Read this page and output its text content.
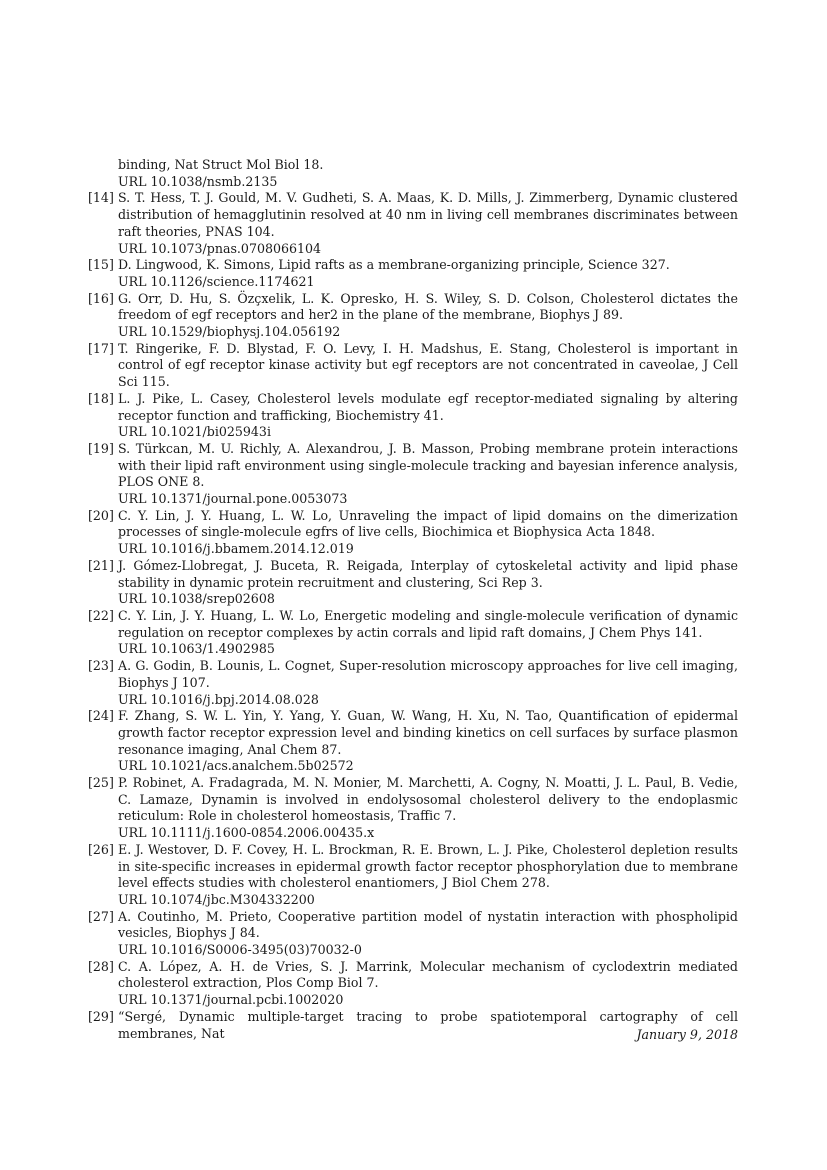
binding, Nat Struct Mol Biol 18.
URL 10.1038/nsmb.2135
[14] S. T. Hess, T. J. Gould, M. V. Gudheti, S. A. Maas, K. D. Mills, J. Zimmerberg, Dynamic clustered distribution of hemagglutinin resolved at 40 nm in living cell membranes discriminates between raft theories, PNAS 104.
URL 10.1073/pnas.0708066104
[15] D. Lingwood, K. Simons, Lipid rafts as a membrane-organizing principle, Science 327.
URL 10.1126/science.1174621
[16] G. Orr, D. Hu, S. Özçxelik, L. K. Opresko, H. S. Wiley, S. D. Colson, Cholesterol dictates the freedom of egf receptors and her2 in the plane of the membrane, Biophys J 89.
URL 10.1529/biophysj.104.056192
[17] T. Ringerike, F. D. Blystad, F. O. Levy, I. H. Madshus, E. Stang, Cholesterol is important in control of egf receptor kinase activity but egf receptors are not concentrated in caveolae, J Cell Sci 115.
[18] L. J. Pike, L. Casey, Cholesterol levels modulate egf receptor-mediated signaling by altering receptor function and trafficking, Biochemistry 41.
URL 10.1021/bi025943i
[19] S. Türkcan, M. U. Richly, A. Alexandrou, J. B. Masson, Probing membrane protein interactions with their lipid raft environment using single-molecule tracking and bayesian inference analysis, PLOS ONE 8.
URL 10.1371/journal.pone.0053073
[20] C. Y. Lin, J. Y. Huang, L. W. Lo, Unraveling the impact of lipid domains on the dimerization processes of single-molecule egfrs of live cells, Biochimica et Biophysica Acta 1848.
URL 10.1016/j.bbamem.2014.12.019
[21] J. Gómez-Llobregat, J. Buceta, R. Reigada, Interplay of cytoskeletal activity and lipid phase stability in dynamic protein recruitment and clustering, Sci Rep 3.
URL 10.1038/srep02608
[22] C. Y. Lin, J. Y. Huang, L. W. Lo, Energetic modeling and single-molecule verification of dynamic regulation on receptor complexes by actin corrals and lipid raft domains, J Chem Phys 141.
URL 10.1063/1.4902985
[23] A. G. Godin, B. Lounis, L. Cognet, Super-resolution microscopy approaches for live cell imaging, Biophys J 107.
URL 10.1016/j.bpj.2014.08.028
[24] F. Zhang, S. W. L. Yin, Y. Yang, Y. Guan, W. Wang, H. Xu, N. Tao, Quantification of epidermal growth factor receptor expression level and binding kinetics on cell surfaces by surface plasmon resonance imaging, Anal Chem 87.
URL 10.1021/acs.analchem.5b02572
[25] P. Robinet, A. Fradagrada, M. N. Monier, M. Marchetti, A. Cogny, N. Moatti, J. L. Paul, B. Vedie, C. Lamaze, Dynamin is involved in endolysosomal cholesterol delivery to the endoplasmic reticulum: Role in cholesterol homeostasis, Traffic 7.
URL 10.1111/j.1600-0854.2006.00435.x
[26] E. J. Westover, D. F. Covey, H. L. Brockman, R. E. Brown, L. J. Pike, Cholesterol depletion results in site-specific increases in epidermal growth factor receptor phosphorylation due to membrane level effects studies with cholesterol enantiomers, J Biol Chem 278.
URL 10.1074/jbc.M304332200
[27] A. Coutinho, M. Prieto, Cooperative partition model of nystatin interaction with phospholipid vesicles, Biophys J 84.
URL 10.1016/S0006-3495(03)70032-0
[28] C. A. López, A. H. de Vries, S. J. Marrink, Molecular mechanism of cyclodextrin mediated cholesterol extraction, Plos Comp Biol 7.
URL 10.1371/journal.pcbi.1002020
[29] “Sergé, Dynamic multiple-target tracing to probe spatiotemporal cartography of cell membranes, Nat	January 9, 2018
